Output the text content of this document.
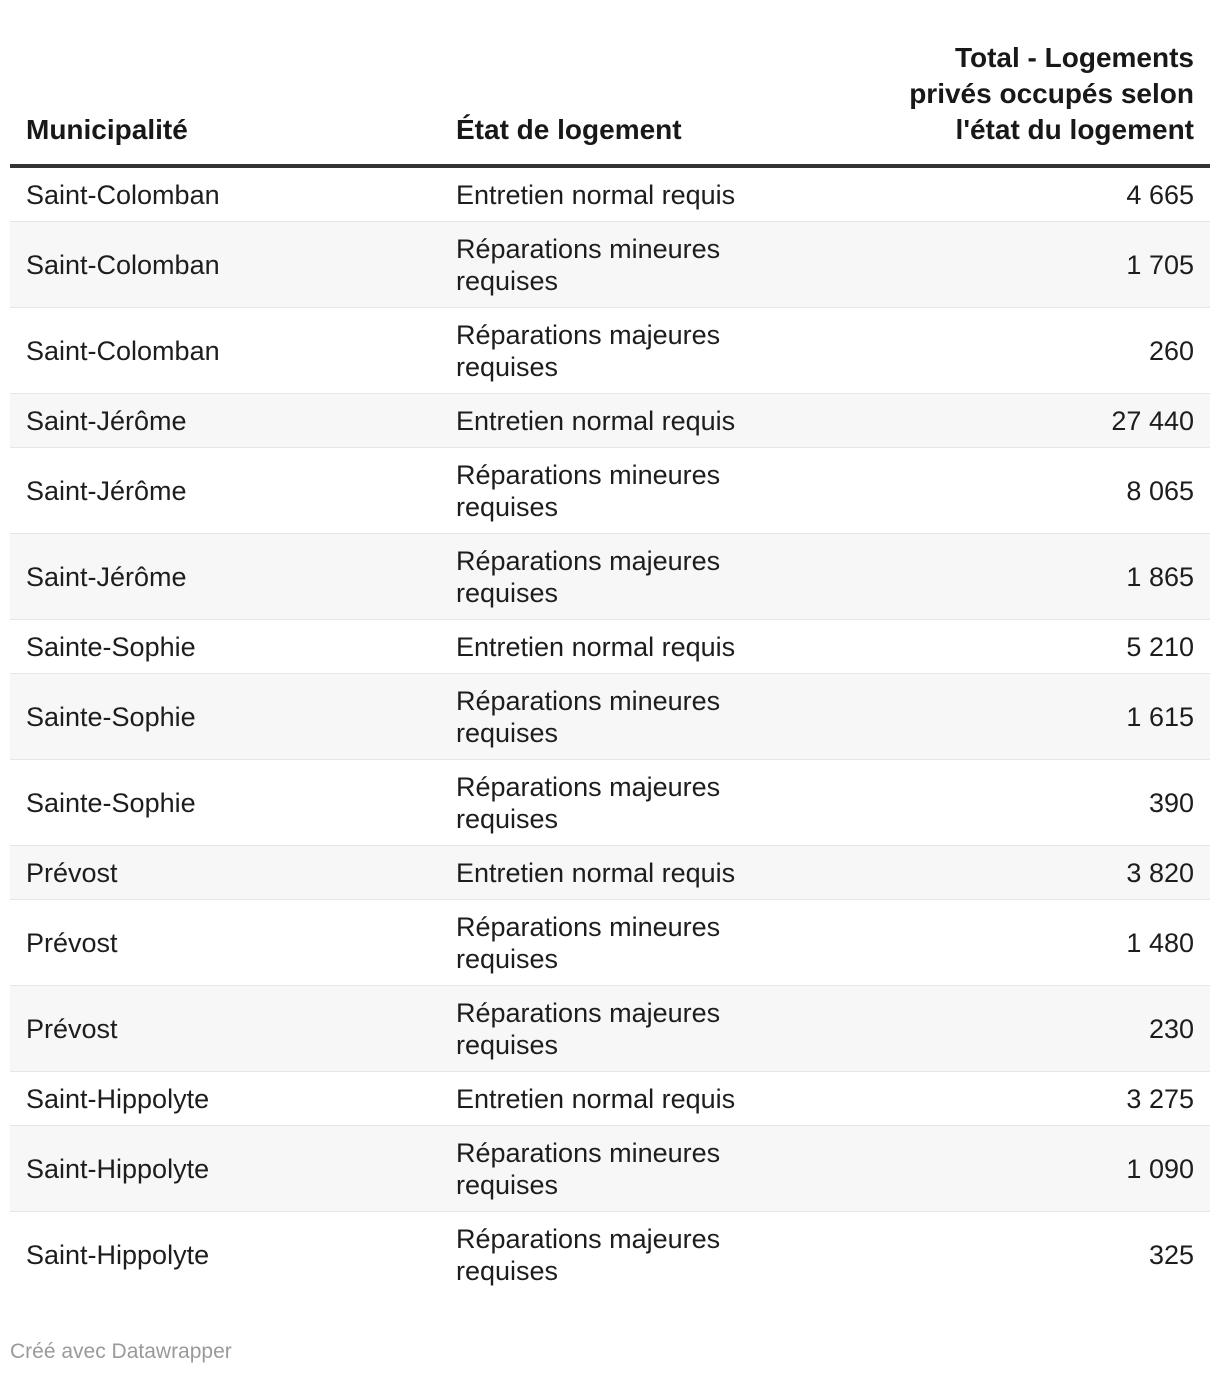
Municipalité	État de logement	Total - Logements privés occupés selon l'état du logement
Saint-Colomban	Entretien normal requis	4 665
Saint-Colomban	Réparations mineures requises	1 705
Saint-Colomban	Réparations majeures requises	260
Saint-Jérôme	Entretien normal requis	27 440
Saint-Jérôme	Réparations mineures requises	8 065
Saint-Jérôme	Réparations majeures requises	1 865
Sainte-Sophie	Entretien normal requis	5 210
Sainte-Sophie	Réparations mineures requises	1 615
Sainte-Sophie	Réparations majeures requises	390
Prévost	Entretien normal requis	3 820
Prévost	Réparations mineures requises	1 480
Prévost	Réparations majeures requises	230
Saint-Hippolyte	Entretien normal requis	3 275
Saint-Hippolyte	Réparations mineures requises	1 090
Saint-Hippolyte	Réparations majeures requises	325
Créé avec Datawrapper
